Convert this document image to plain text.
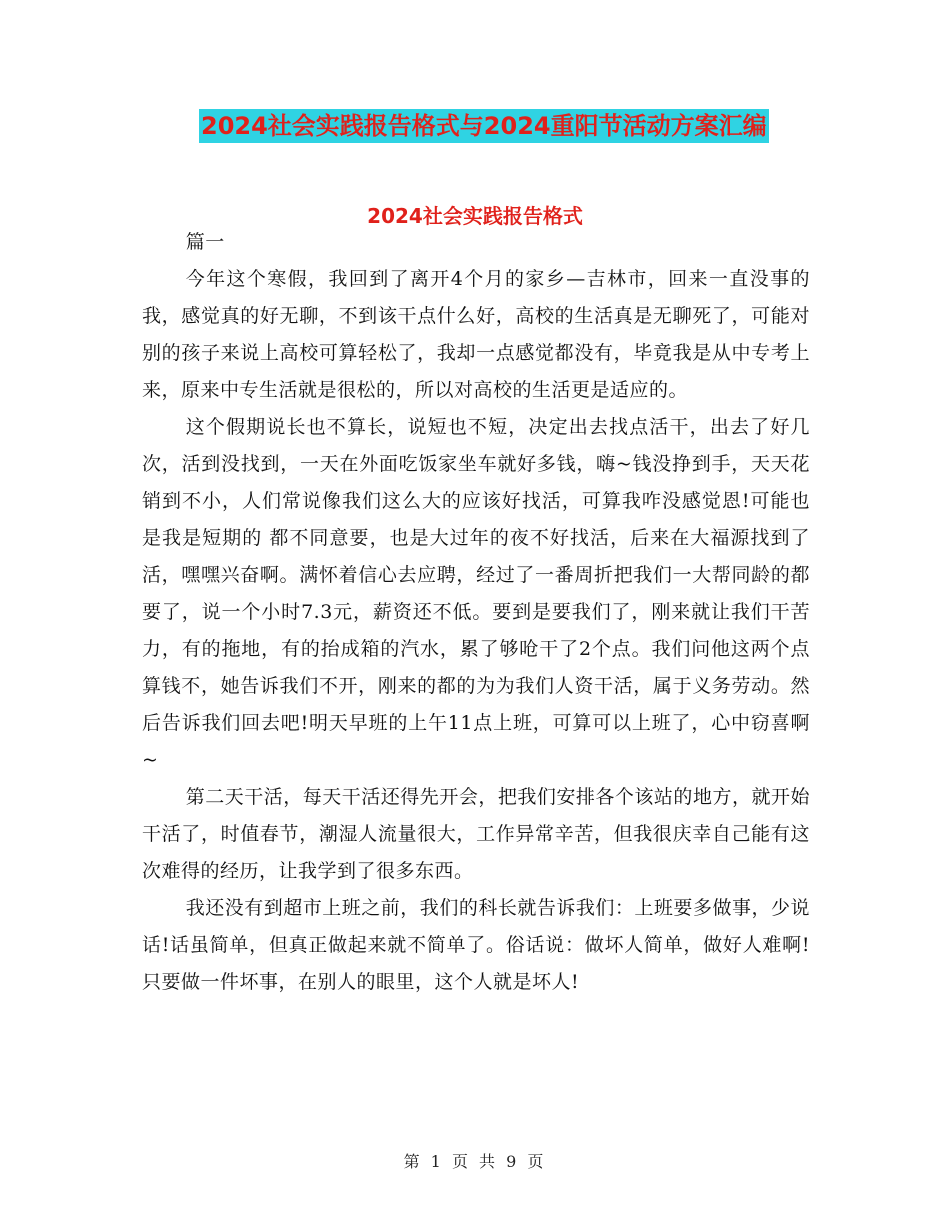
2024社会实践报告格式与2024重阳节活动方案汇编
2024社会实践报告格式

篇一

今年这个寒假，我回到了离开4个月的家乡—吉林市，回来一直没事的我，感觉真的好无聊，不到该干点什么好，高校的生活真是无聊死了，可能对别的孩子来说上高校可算轻松了，我却一点感觉都没有，毕竟我是从中专考上来，原来中专生活就是很松的，所以对高校的生活更是适应的。

这个假期说长也不算长，说短也不短，决定出去找点活干，出去了好几次，活到没找到，一天在外面吃饭家坐车就好多钱，嗨~钱没挣到手，天天花销到不小，人们常说像我们这么大的应该好找活，可算我咋没感觉恩!可能也是我是短期的 都不同意要，也是大过年的夜不好找活，后来在大福源找到了活，嘿嘿兴奋啊。满怀着信心去应聘，经过了一番周折把我们一大帮同龄的都要了，说一个小时7.3元，薪资还不低。要到是要我们了，刚来就让我们干苦力，有的拖地，有的抬成箱的汽水，累了够呛干了2个点。我们问他这两个点算钱不，她告诉我们不开，刚来的都的为为我们人资干活，属于义务劳动。然后告诉我们回去吧!明天早班的上午11点上班，可算可以上班了，心中窃喜啊~

第二天干活，每天干活还得先开会，把我们安排各个该站的地方，就开始干活了，时值春节，潮湿人流量很大，工作异常辛苦，但我很庆幸自己能有这次难得的经历，让我学到了很多东西。

我还没有到超市上班之前，我们的科长就告诉我们：上班要多做事，少说话!话虽简单，但真正做起来就不简单了。俗话说：做坏人简单，做好人难啊!只要做一件坏事，在别人的眼里，这个人就是坏人!

第 1 页 共 9 页
